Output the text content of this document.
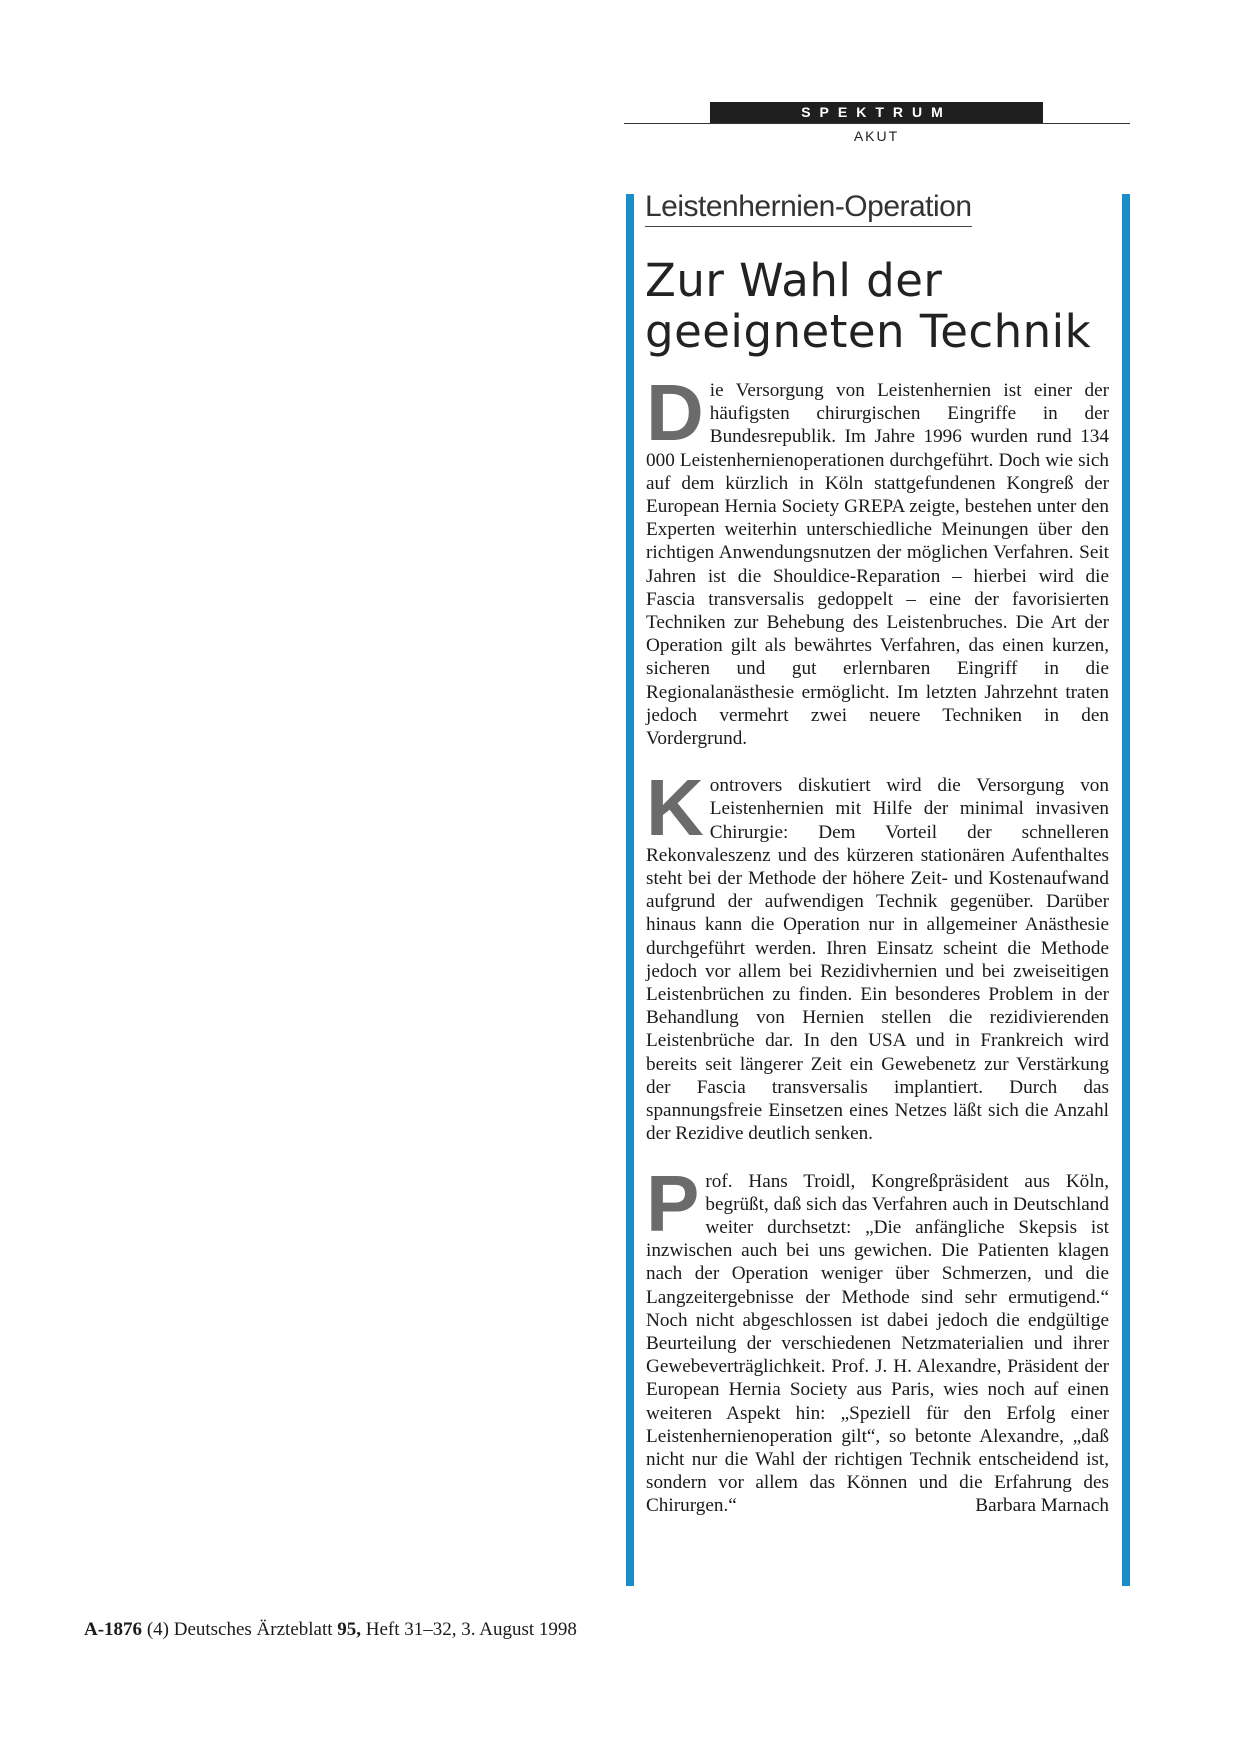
SPEKTRUM
AKUT
Leistenhernien-Operation
Zur Wahl der geeigneten Technik

Die Versorgung von Leistenhernien ist einer der häufigsten chirurgischen Eingriffe in der Bundesrepublik. Im Jahre 1996 wurden rund 134 000 Leistenhernienoperationen durchgeführt. Doch wie sich auf dem kürzlich in Köln stattgefundenen Kongreß der European Hernia Society GREPA zeigte, bestehen unter den Experten weiterhin unterschiedliche Meinungen über den richtigen Anwendungsnutzen der möglichen Verfahren. Seit Jahren ist die Shouldice-Reparation – hierbei wird die Fascia transversalis gedoppelt – eine der favorisierten Techniken zur Behebung des Leistenbruches. Die Art der Operation gilt als bewährtes Verfahren, das einen kurzen, sicheren und gut erlernbaren Eingriff in die Regionalanästhesie ermöglicht. Im letzten Jahrzehnt traten jedoch vermehrt zwei neuere Techniken in den Vordergrund.

Kontrovers diskutiert wird die Versorgung von Leistenhernien mit Hilfe der minimal invasiven Chirurgie: Dem Vorteil der schnelleren Rekonvaleszenz und des kürzeren stationären Aufenthaltes steht bei der Methode der höhere Zeit- und Kostenaufwand aufgrund der aufwendigen Technik gegenüber. Darüber hinaus kann die Operation nur in allgemeiner Anästhesie durchgeführt werden. Ihren Einsatz scheint die Methode jedoch vor allem bei Rezidivhernien und bei zweiseitigen Leistenbrüchen zu finden. Ein besonderes Problem in der Behandlung von Hernien stellen die rezidivierenden Leistenbrüche dar. In den USA und in Frankreich wird bereits seit längerer Zeit ein Gewebenetz zur Verstärkung der Fascia transversalis implantiert. Durch das spannungsfreie Einsetzen eines Netzes läßt sich die Anzahl der Rezidive deutlich senken.

Prof. Hans Troidl, Kongreßpräsident aus Köln, begrüßt, daß sich das Verfahren auch in Deutschland weiter durchsetzt: „Die anfängliche Skepsis ist inzwischen auch bei uns gewichen. Die Patienten klagen nach der Operation weniger über Schmerzen, und die Langzeitergebnisse der Methode sind sehr ermutigend.“ Noch nicht abgeschlossen ist dabei jedoch die endgültige Beurteilung der verschiedenen Netzmaterialien und ihrer Gewebeverträglichkeit. Prof. J. H. Alexandre, Präsident der European Hernia Society aus Paris, wies noch auf einen weiteren Aspekt hin: „Speziell für den Erfolg einer Leistenhernienoperation gilt“, so betonte Alexandre, „daß nicht nur die Wahl der richtigen Technik entscheidend ist, sondern vor allem das Können und die Erfahrung des Chirurgen.“	Barbara Marnach

A-1876 (4) Deutsches Ärzteblatt 95, Heft 31–32, 3. August 1998
